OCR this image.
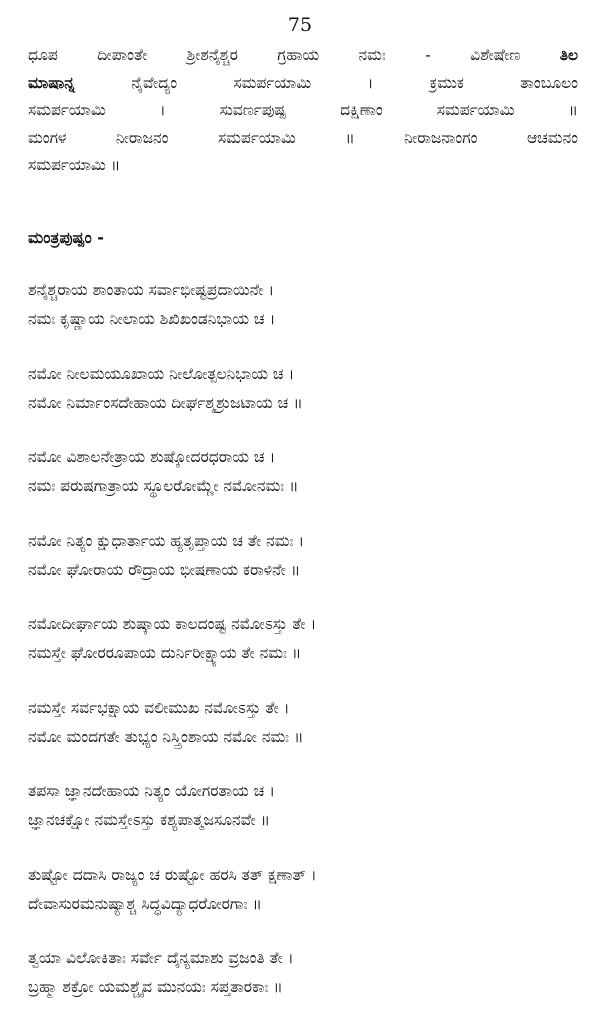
75
ಧೂಪ ದೀಪಾಂತೇ ಶ್ರೀಶನೈಶ್ಚರ ಗ್ರಹಾಯ ನಮಃ - ವಿಶೇಷೇಣ	ತಿಲ
ಮಾಷಾನ್ನ	ನೈವೇದ್ಯಂ ಸಮರ್ಪಯಾಮಿ । ಕ್ರಮುಕ ತಾಂಬೂಲಂ
ಸಮರ್ಪಯಾಮಿ । ಸುವರ್ಣಪುಷ್ಪ ದಕ್ಷಿಣಾಂ ಸಮರ್ಪಯಾಮಿ ॥
ಮಂಗಳ ನೀರಾಜನಂ ಸಮರ್ಪಯಾಮಿ ॥ ನೀರಾಜನಾಂಗಂ ಆಚಮನಂ
ಸಮರ್ಪಯಾಮಿ ॥
ಮಂತ್ರಪುಷ್ಪಂ -
ಶನೈಶ್ಚರಾಯ ಶಾಂತಾಯ ಸರ್ವಾಭೀಷ್ಟಪ್ರದಾಯಿನೇ ।
ನಮಃ ಕೃಷ್ಣಾಯ ನೀಲಾಯ ಶಿಖಿಖಂಡನಿಭಾಯ ಚ ।
ನಮೋ ನೀಲಮಯೂಖಾಯ ನೀಲೋತ್ಪಲನಿಭಾಯ ಚ ।
ನಮೋ ನಿರ್ಮಾಂಸದೇಹಾಯ ದೀರ್ಘಶ್ಮಶ್ರುಜಟಾಯ ಚ ॥
ನಮೋ ವಿಶಾಲನೇತ್ರಾಯ ಶುಷ್ಕೋದರಧರಾಯ ಚ ।
ನಮಃ ಪರುಷಗಾತ್ರಾಯ ಸ್ಥೂಲರೋಮ್ಣೇ ನಮೋನಮಃ ॥
ನಮೋ ನಿತ್ಯಂ ಕ್ಷುಧಾರ್ತಾಯ ಹ್ಯತೃಪ್ತಾಯ ಚ ತೇ ನಮಃ ।
ನಮೋ ಘೋರಾಯ ರೌದ್ರಾಯ ಭೀಷಣಾಯ ಕರಾಳಿನೇ ॥
ನಮೋದೀರ್ಘಾಯ ಶುಷ್ಕಾಯ ಕಾಲದಂಷ್ಟ ನಮೋಽಸ್ತು ತೇ ।
ನಮಸ್ತೇ ಘೋರರೂಪಾಯ ದುರ್ನಿರೀಕ್ಷ್ಯಾಯ ತೇ ನಮಃ ॥
ನಮಸ್ತೇ ಸರ್ವಭಕ್ಷಾಯ ವಲೀಮುಖ ನಮೋಽಸ್ತು ತೇ ।
ನಮೋ ಮಂದಗತೇ ತುಭ್ಯಂ ನಿಸ್ತ್ರಿಂಶಾಯ ನಮೋ ನಮಃ ॥
ತಪಸಾ ಜ್ಞಾನದೇಹಾಯ ನಿತ್ಯಂ ಯೋಗರತಾಯ ಚ ।
ಜ್ಞಾನಚಕ್ಷೋ ನಮಸ್ತೇಽಸ್ತು ಕಶ್ಯಪಾತ್ಮಜಸೂನವೇ ॥
ತುಷ್ಟೋ ದದಾಸಿ ರಾಜ್ಯಂ ಚ ರುಷ್ಟೋ ಹರಸಿ ತತ್ ಕ್ಷಣಾತ್ ।
ದೇವಾಸುರಮನುಷ್ಯಾಶ್ಚ ಸಿದ್ಧವಿದ್ಯಾಧರೋರಗಾಃ ॥
ತ್ವಯಾ ವಿಲೋಕಿತಾಃ ಸರ್ವೇ ದೈನ್ಯಮಾಶು ವ್ರಜಂತಿ ತೇ ।
ಬ್ರಹ್ಮಾ ಶಕ್ರೋ ಯಮಶ್ಚೈವ ಮುನಯಃ ಸಪ್ತತಾರಕಾಃ ॥
